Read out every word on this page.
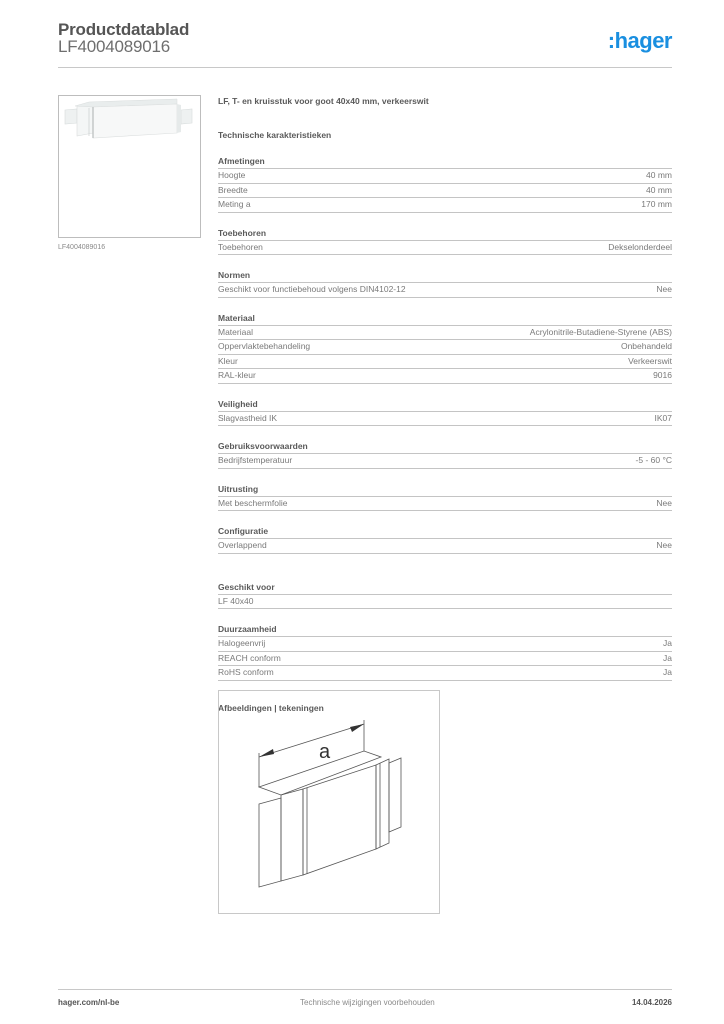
Productdatablad
LF4004089016	:hager
LF4004089016
LF, T- en kruisstuk voor goot 40x40 mm, verkeerswit
Technische karakteristieken
Afmetingen
Hoogte	40 mm
Breedte	40 mm
Meting a	170 mm
Toebehoren
Toebehoren	Dekselonderdeel
Normen
Geschikt voor functiebehoud volgens DIN4102-12	Nee
Materiaal
Materiaal	Acrylonitrile-Butadiene-Styrene (ABS)
Oppervlaktebehandeling	Onbehandeld
Kleur	Verkeerswit
RAL-kleur	9016
Veiligheid
Slagvastheid IK	IK07
Gebruiksvoorwaarden
Bedrijfstemperatuur	-5 - 60 °C
Uitrusting
Met beschermfolie	Nee
Configuratie
Overlappend	Nee
Geschikt voor
LF 40x40
Duurzaamheid
Halogeenvrij	Ja
REACH conform	Ja
RoHS conform	Ja
Afbeeldingen | tekeningen
a
hager.com/nl-be	Technische wijzigingen voorbehouden	14.04.2026
